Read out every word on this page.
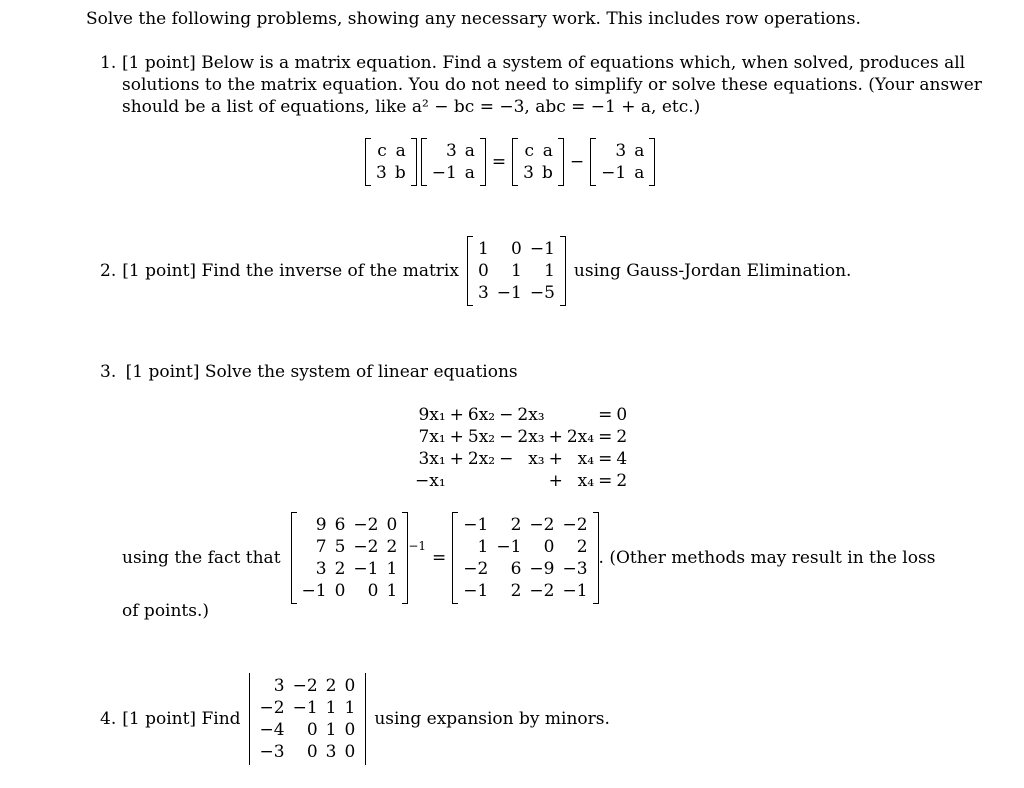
Solve the following problems, showing any necessary work. This includes row operations.
1. [1 point] Below is a matrix equation. Find a system of equations which, when solved, produces all
solutions to the matrix equation. You do not need to simplify or solve these equations. (Your answer
should be a list of equations, like a² − bc = −3, abc = −1 + a, etc.)
c	a
3	b
3	a
−1	a
=
c	a
3	b
−
3	a
−1	a
2. [1 point] Find the inverse of the matrix
1	0	−1
0	1	1
3	−1	−5
using Gauss-Jordan Elimination.
3. [1 point] Solve the system of linear equations
9x₁	+	6x₂	−	2x₃			=	0
7x₁	+	5x₂	−	2x₃	+	2x₄	=	2
3x₁	+	2x₂	−	x₃	+	x₄	=	4
−x₁					+	x₄	=	2
using the fact that
9	6	−2	0
7	5	−2	2
3	2	−1	1
−1	0	0	1
−1
=
−1	2	−2	−2
1	−1	0	2
−2	6	−9	−3
−1	2	−2	−1
. (Other methods may result in the loss
of points.)
4. [1 point] Find
3	−2	2	0
−2	−1	1	1
−4	0	1	0
−3	0	3	0
using expansion by minors.
